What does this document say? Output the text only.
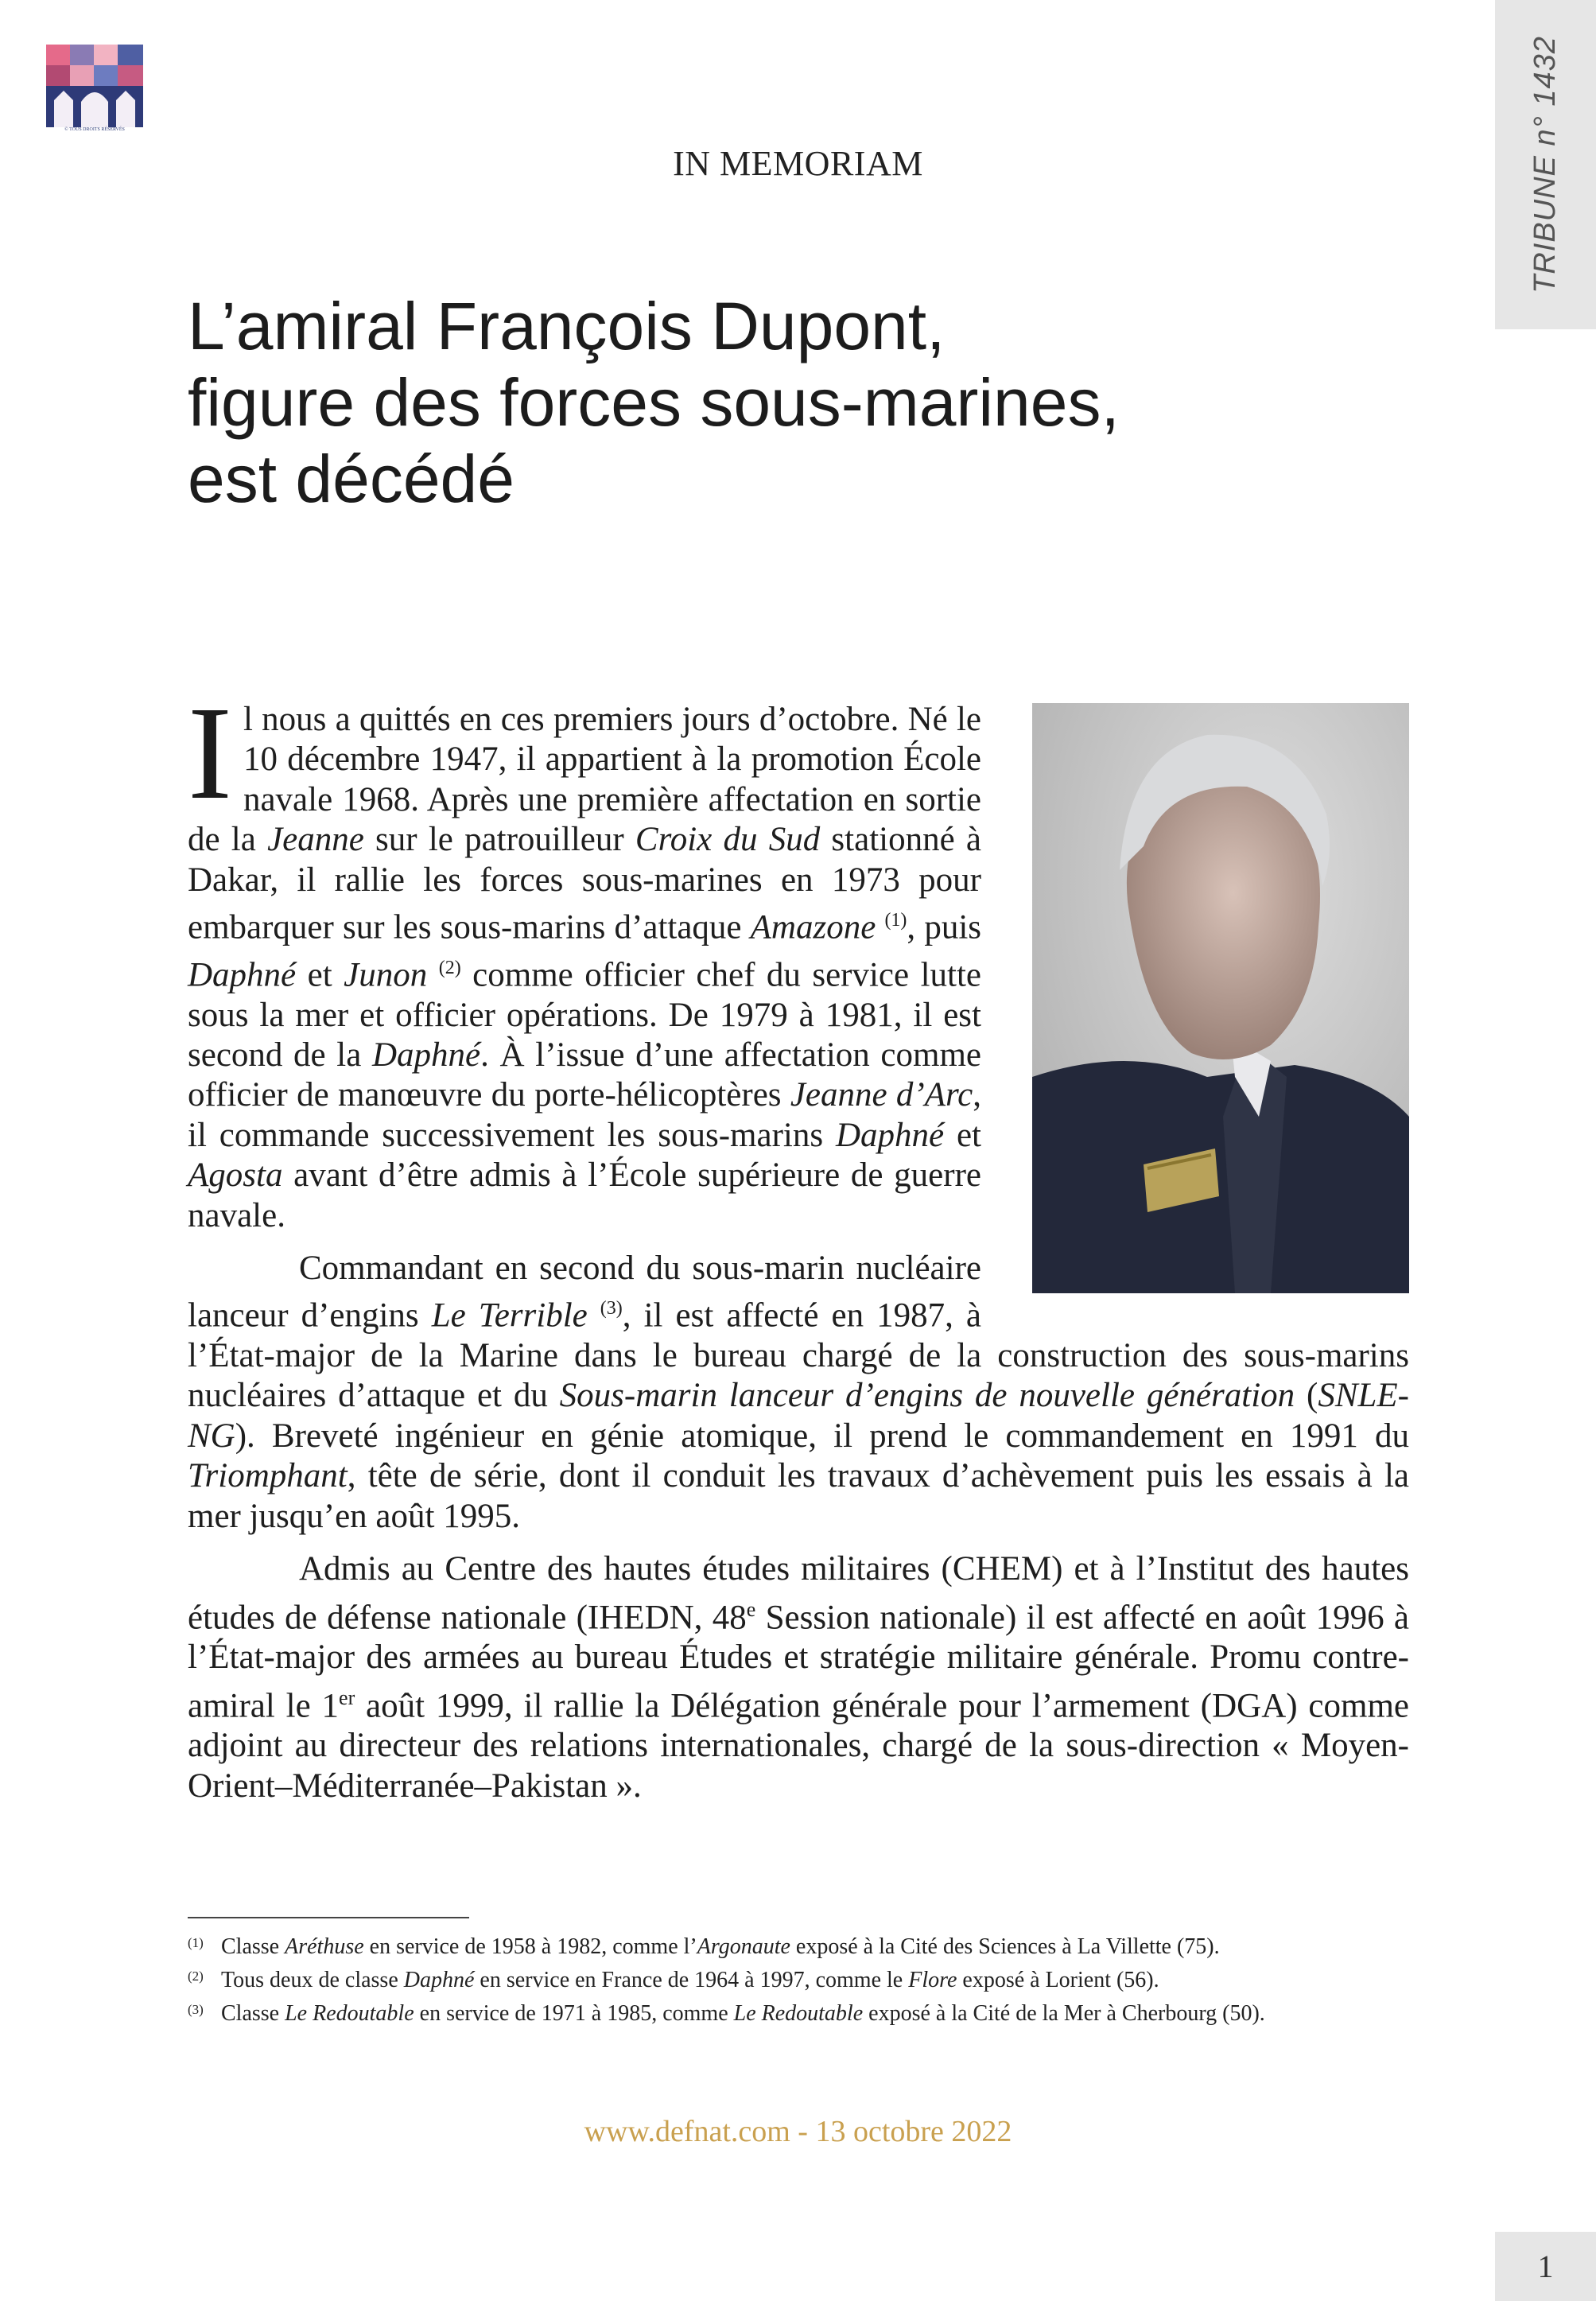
© TOUS DROITS RÉSERVÉS	TRIBUNE n° 1432
IN MEMORIAM
L’amiral François Dupont,
figure des forces sous-marines,
est décédé

Il nous a quittés en ces premiers jours d’octobre. Né le 10 décembre 1947, il appartient à la promotion École navale 1968. Après une première affectation en sortie de la Jeanne sur le patrouilleur Croix du Sud stationné à Dakar, il rallie les forces sous-marines en 1973 pour embarquer sur les sous-marins d’attaque Amazone $^{(1)}$, puis Daphné et Junon $^{(2)}$ comme officier chef du service lutte sous la mer et officier opérations. De 1979 à 1981, il est second de la Daphné. À l’issue d’une affectation comme officier de manœuvre du porte-hélicoptères Jeanne d’Arc, il commande successivement les sous-marins Daphné et Agosta avant d’être admis à l’École supérieure de guerre navale.

Commandant en second du sous-marin nucléaire lanceur d’engins Le Terrible $^{(3)}$, il est affecté en 1987, à l’État-major de la Marine dans le bureau chargé de la construction des sous-marins nucléaires d’attaque et du Sous-marin lanceur d’engins de nouvelle génération (SNLE-NG). Breveté ingénieur en génie atomique, il prend le commandement en 1991 du Triomphant, tête de série, dont il conduit les travaux d’achèvement puis les essais à la mer jusqu’en août 1995.

Admis au Centre des hautes études militaires (CHEM) et à l’Institut des hautes études de défense nationale (IHEDN, 48e Session nationale) il est affecté en août 1996 à l’État-major des armées au bureau Études et stratégie militaire générale. Promu contre-amiral le 1er août 1999, il rallie la Délégation générale pour l’armement (DGA) comme adjoint au directeur des relations internationales, chargé de la sous-direction « Moyen-Orient–Méditerranée–Pakistan ».

$^{(1)}$ Classe Aréthuse en service de 1958 à 1982, comme l’Argonaute exposé à la Cité des Sciences à La Villette (75).
$^{(2)}$ Tous deux de classe Daphné en service en France de 1964 à 1997, comme le Flore exposé à Lorient (56).
$^{(3)}$ Classe Le Redoutable en service de 1971 à 1985, comme Le Redoutable exposé à la Cité de la Mer à Cherbourg (50).
www.defnat.com - 13 octobre 2022
1
